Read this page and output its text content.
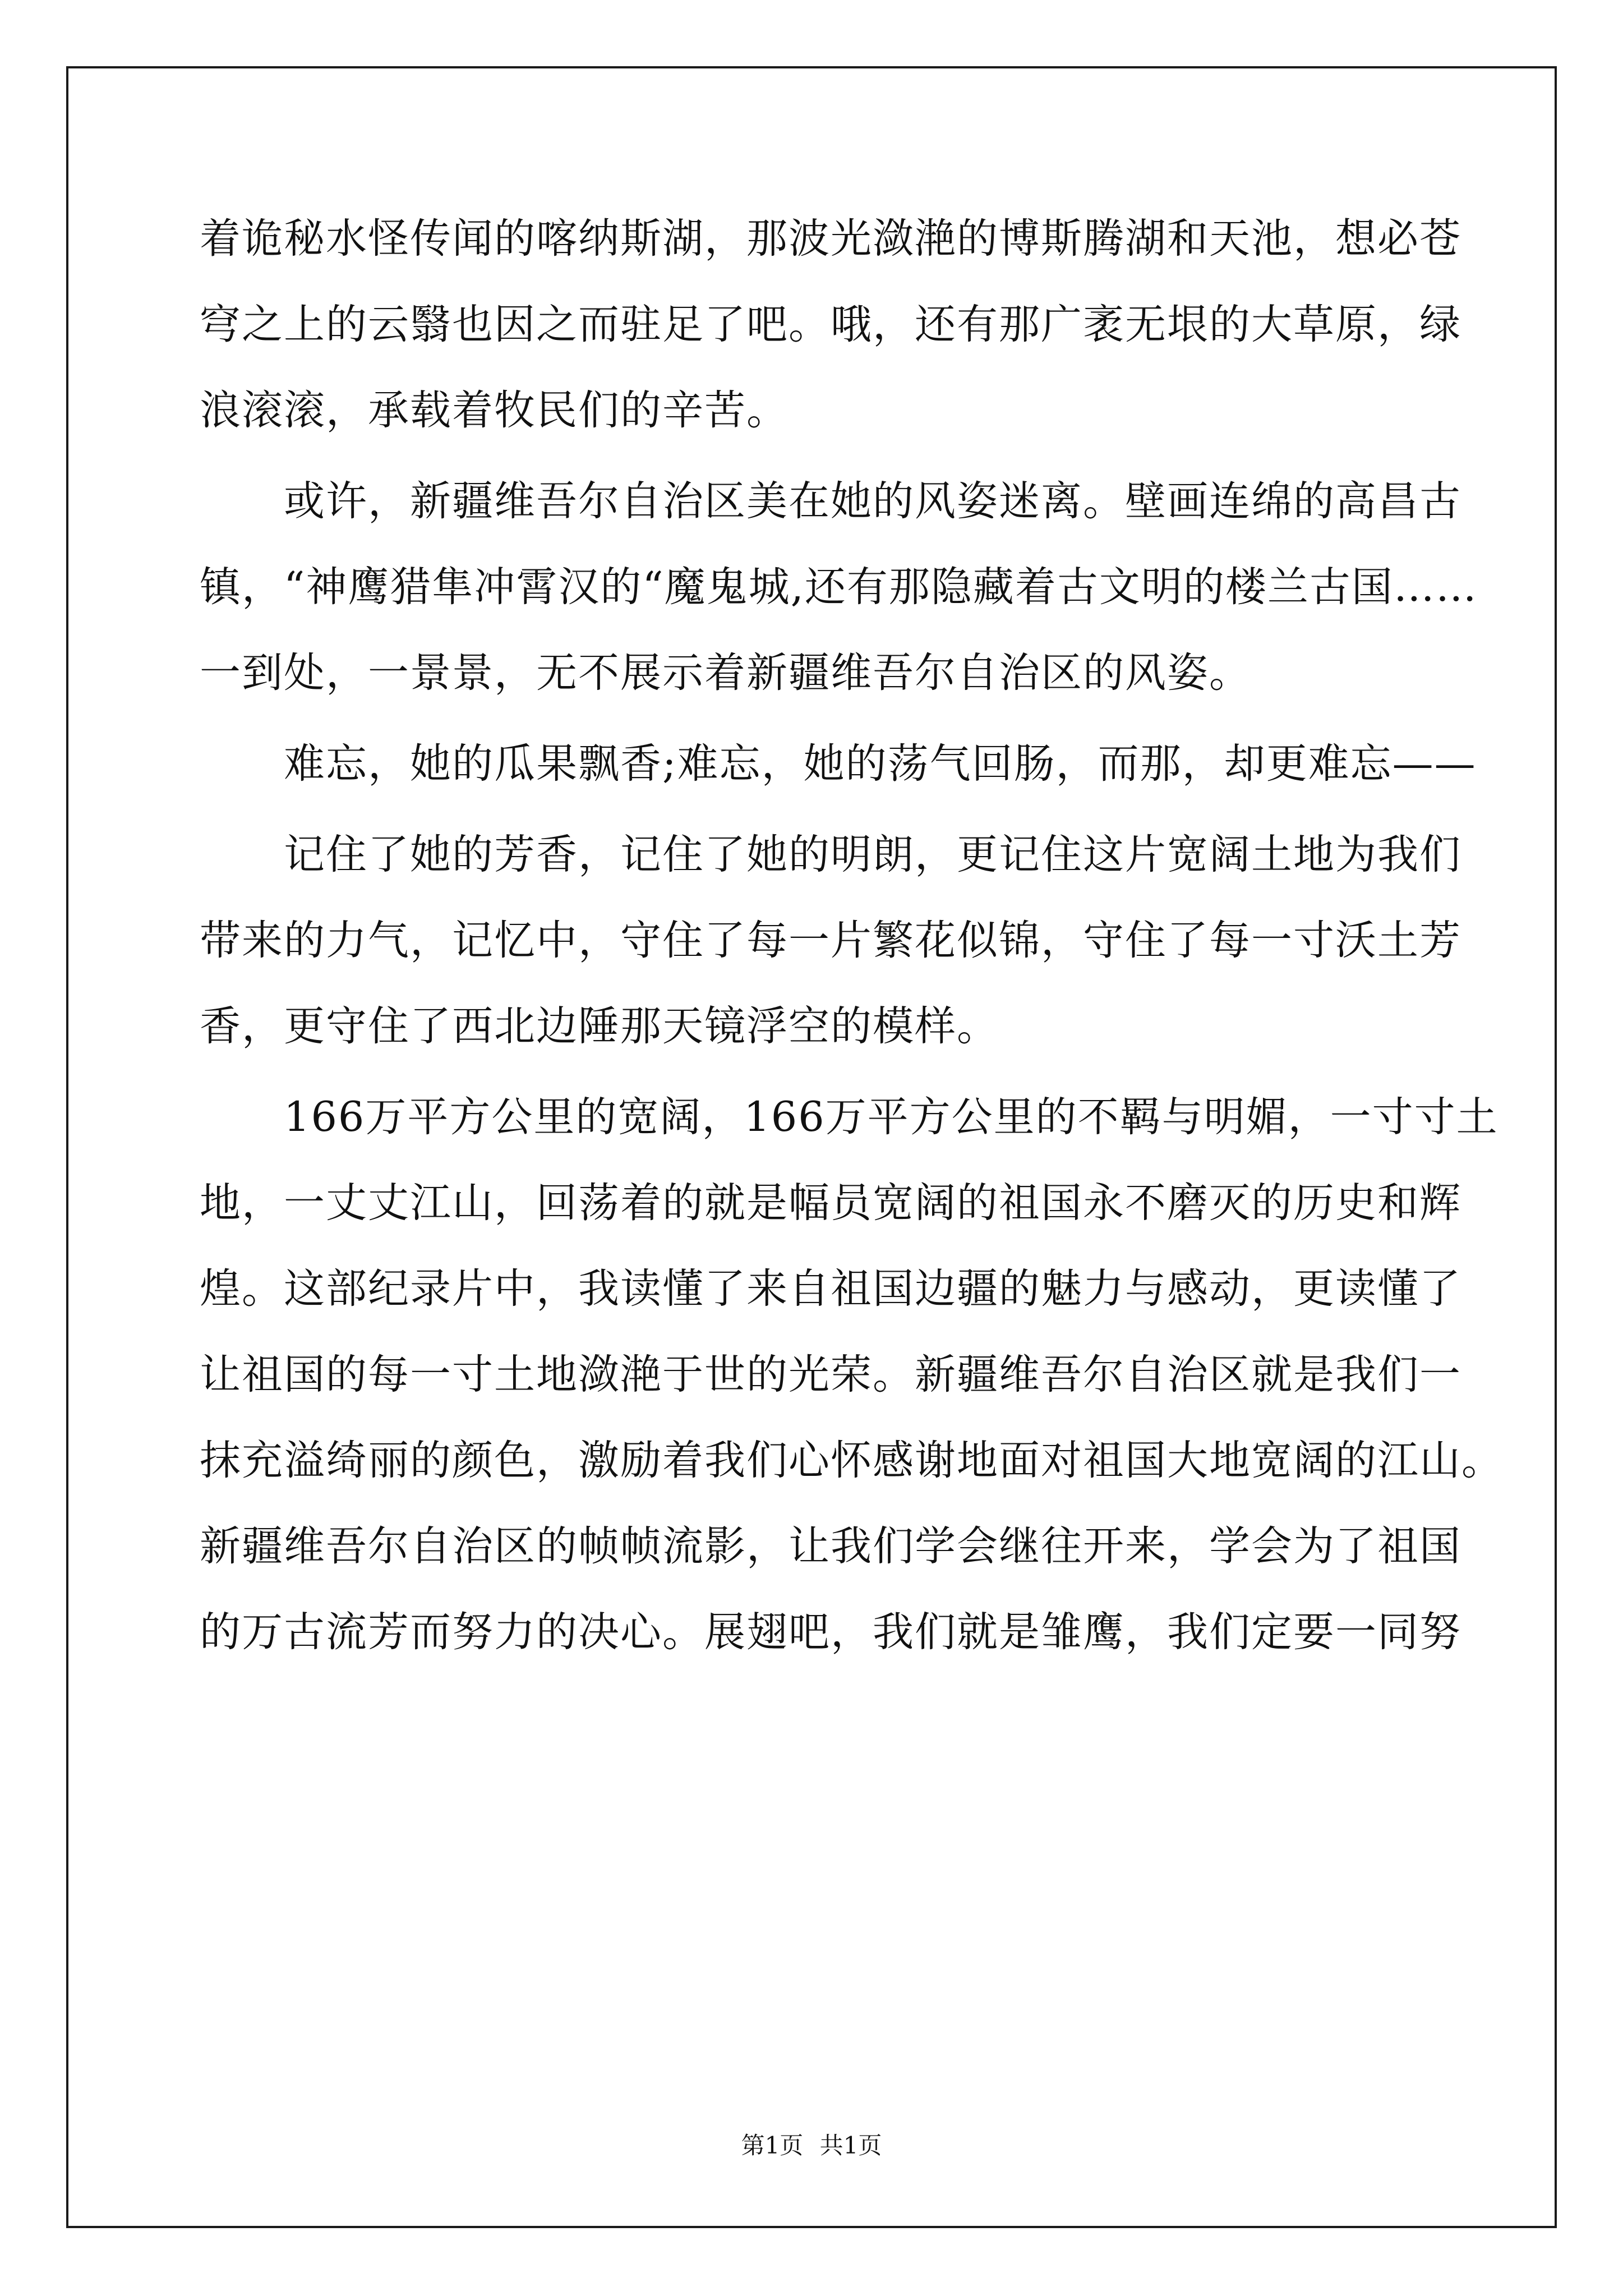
着诡秘水怪传闻的喀纳斯湖，那波光潋滟的博斯腾湖和天池，想必苍
穹之上的云翳也因之而驻足了吧。哦，还有那广袤无垠的大草原，绿
浪滚滚，承载着牧民们的辛苦。
　　或许，新疆维吾尔自治区美在她的风姿迷离。壁画连绵的高昌古
镇，“神鹰猎隼冲霄汉的“魔鬼城,还有那隐藏着古文明的楼兰古国……
一到处，一景景，无不展示着新疆维吾尔自治区的风姿。
　　难忘，她的瓜果飘香;难忘，她的荡气回肠，而那，却更难忘——
　　记住了她的芳香，记住了她的明朗，更记住这片宽阔土地为我们
带来的力气，记忆中，守住了每一片繁花似锦，守住了每一寸沃土芳
香，更守住了西北边陲那天镜浮空的模样。
　　166万平方公里的宽阔，166万平方公里的不羁与明媚，一寸寸土
地，一丈丈江山，回荡着的就是幅员宽阔的祖国永不磨灭的历史和辉
煌。这部纪录片中，我读懂了来自祖国边疆的魅力与感动，更读懂了
让祖国的每一寸土地潋滟于世的光荣。新疆维吾尔自治区就是我们一
抹充溢绮丽的颜色，激励着我们心怀感谢地面对祖国大地宽阔的江山。
新疆维吾尔自治区的帧帧流影，让我们学会继往开来，学会为了祖国
的万古流芳而努力的决心。展翅吧，我们就是雏鹰，我们定要一同努
第1页 共1页
